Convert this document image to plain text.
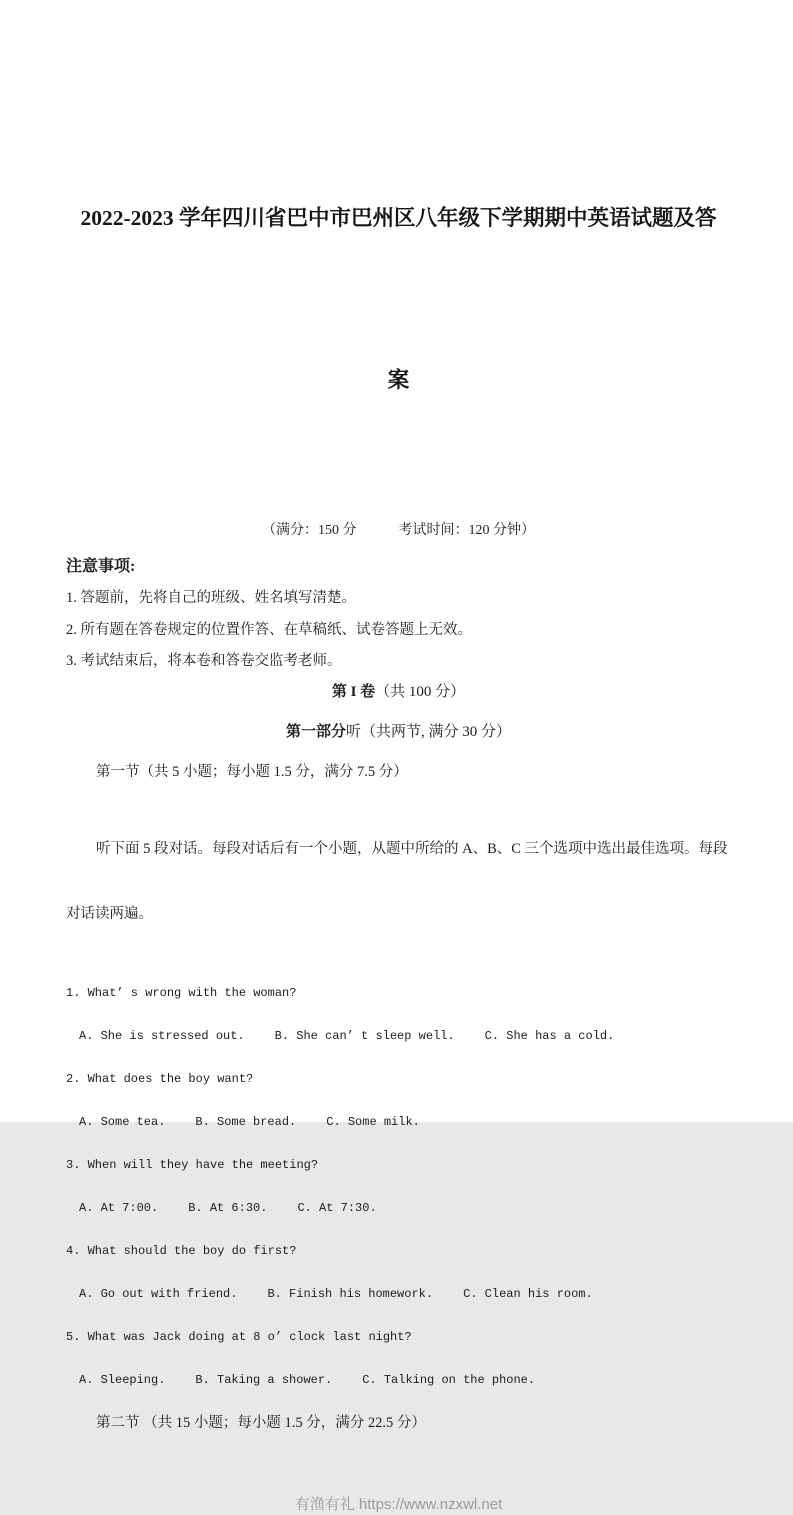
2022-2023 学年四川省巴中市巴州区八年级下学期期中英语试题及答

案

（满分：150 分　　　考试时间：120 分钟）
注意事项:
1. 答题前，先将自己的班级、姓名填写清楚。
2. 所有题在答卷规定的位置作答、在草稿纸、试卷答题上无效。
3. 考试结束后，将本卷和答卷交监考老师。
第 I 卷（共 100 分）
第一部分听（共两节, 满分 30 分）
第一节（共 5 小题；每小题 1.5 分，满分 7.5 分）

听下面 5 段对话。每段对话后有一个小题，从题中所给的 A、B、C 三个选项中选出最佳选项。每段

对话读两遍。

1. What’ s wrong with the woman?
A. She is stressed out.	B. She can’ t sleep well.	C. She has a cold.
2. What does the boy want?
A. Some tea.	B. Some bread.	C. Some milk.
3. When will they have the meeting?
A. At 7:00.	B. At 6:30.	C. At 7:30.
4. What should the boy do first?
A. Go out with friend.	B. Finish his homework.	C. Clean his room.
5. What was Jack doing at 8 o’ clock last night?
A. Sleeping.	B. Taking a shower.	C. Talking on the phone.
第二节 （共 15 小题；每小题 1.5 分，满分 22.5 分）
有渔有礼 https://www.nzxwl.net
